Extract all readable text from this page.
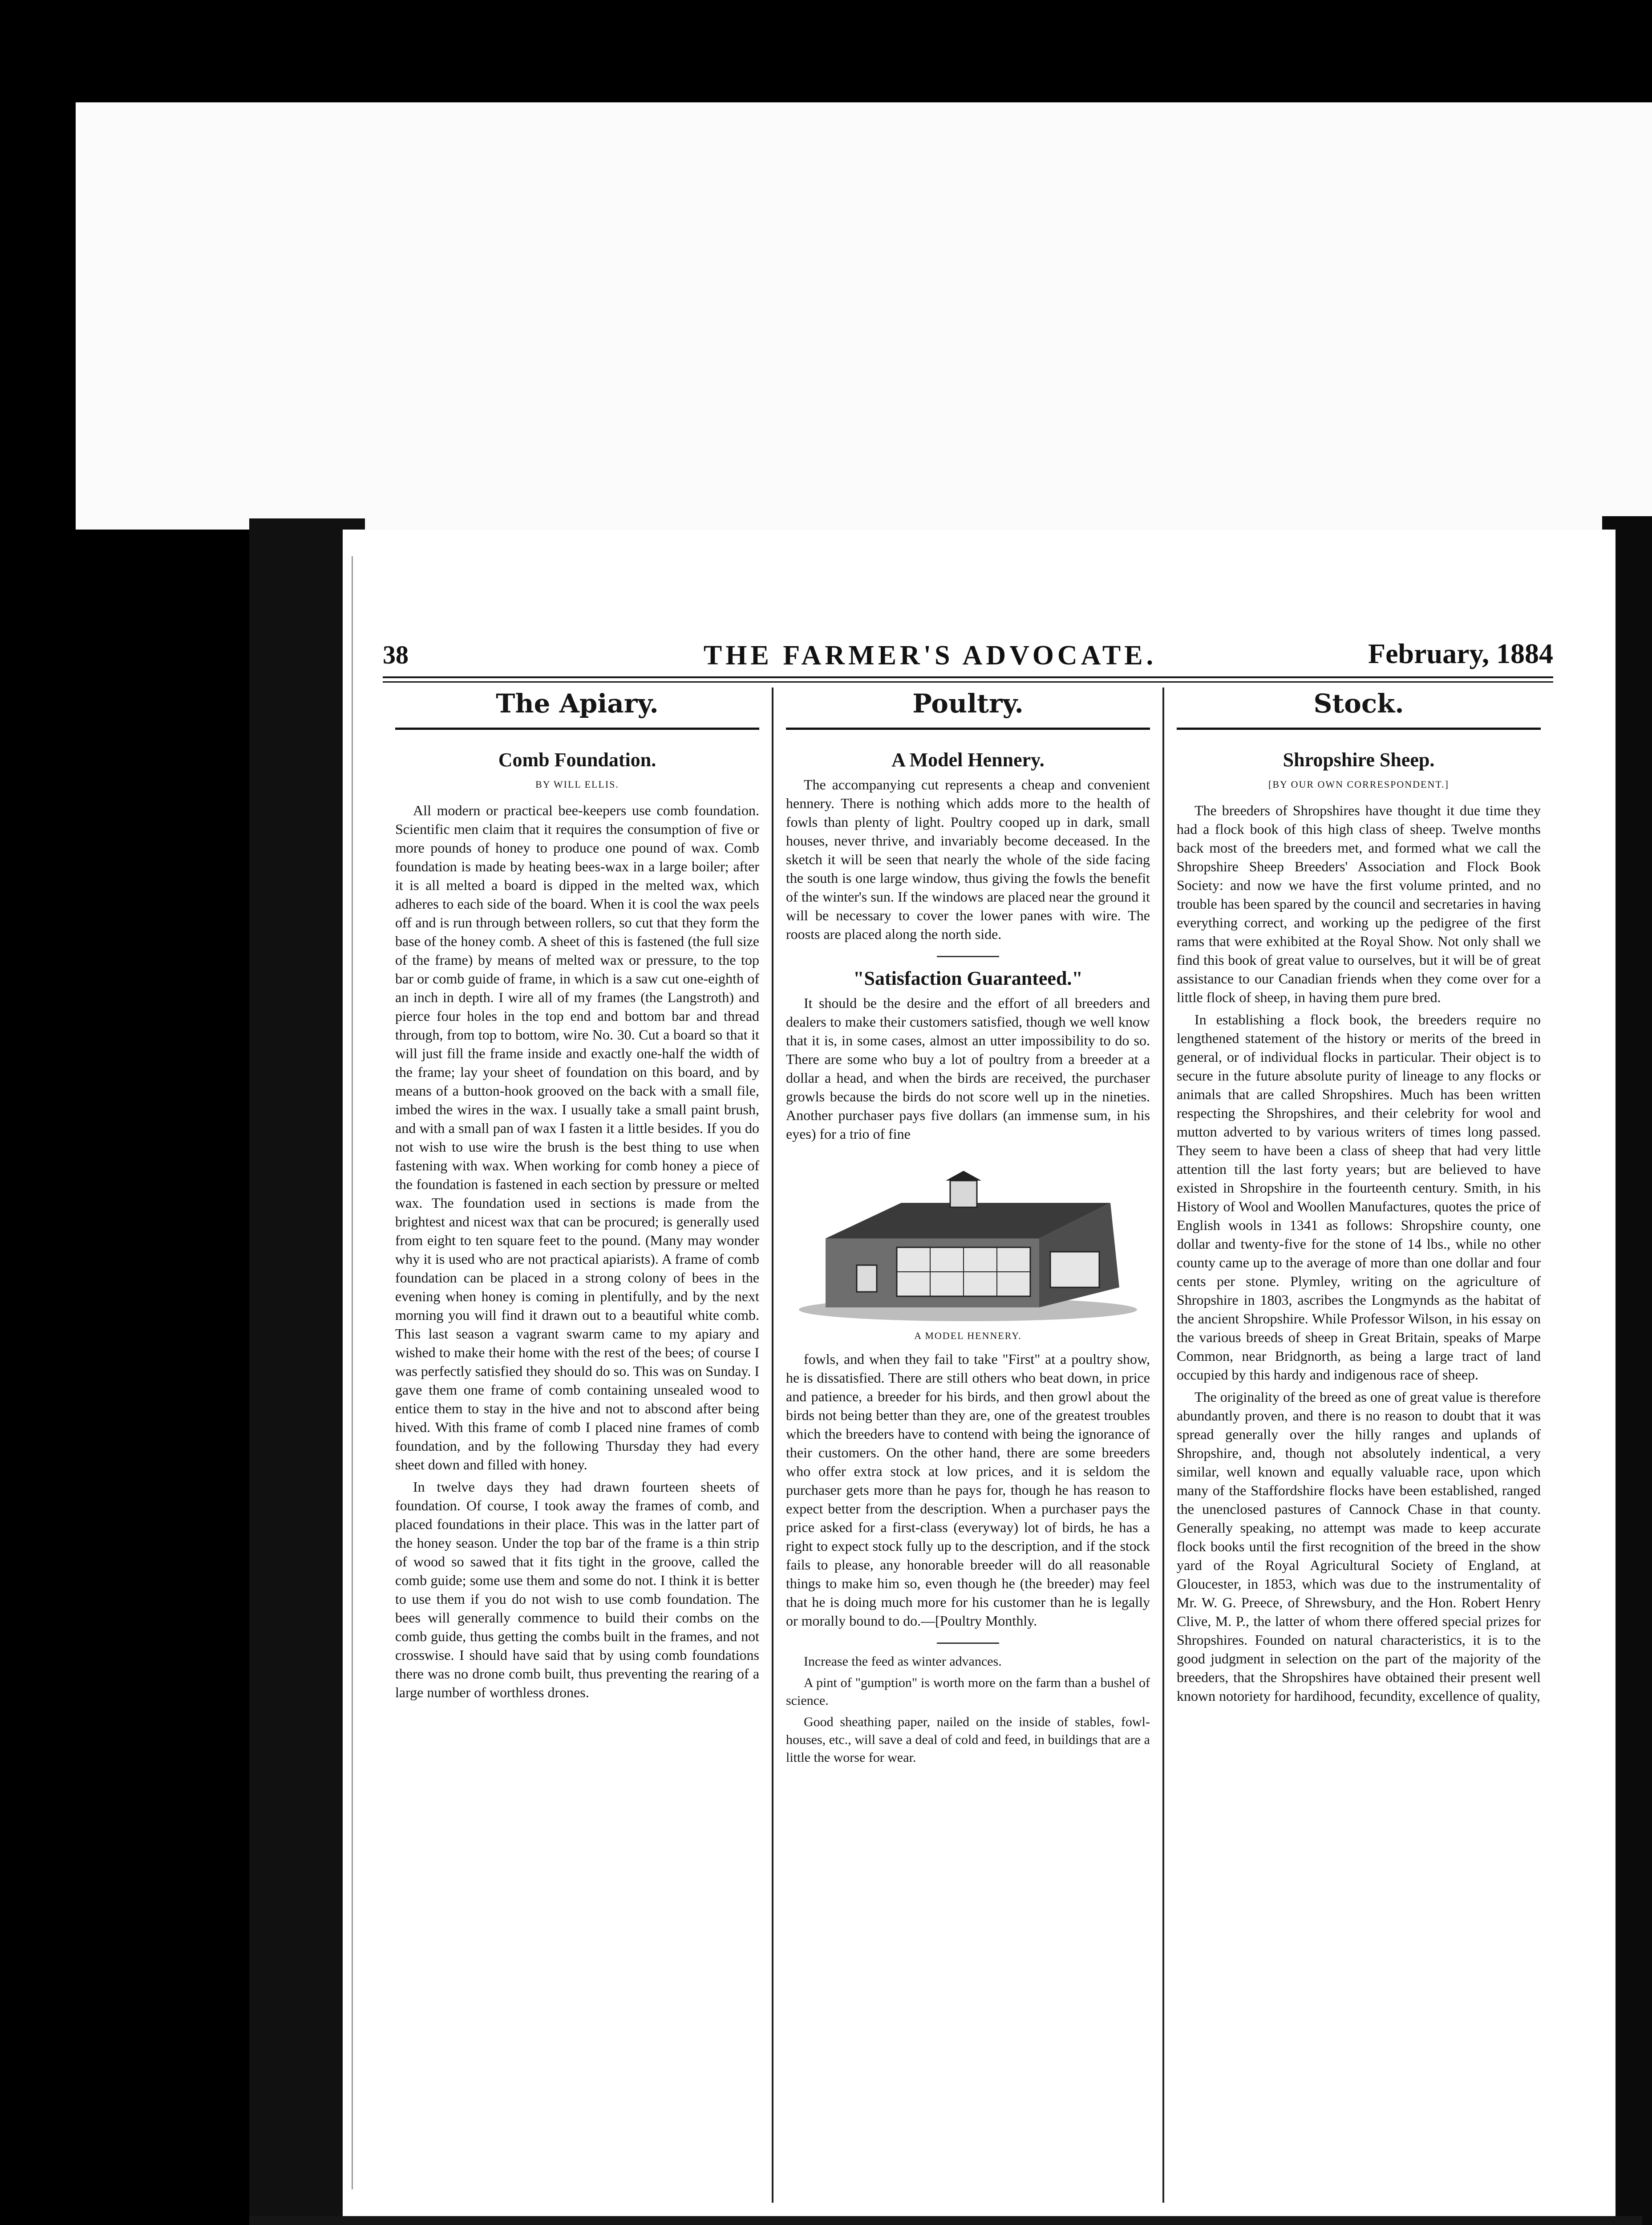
38	THE FARMER'S ADVOCATE.	February, 1884
The Apiary.
Comb Foundation.
BY WILL ELLIS.

All modern or practical bee-keepers use comb foundation. Scientific men claim that it requires the consumption of five or more pounds of honey to produce one pound of wax. Comb foundation is made by heating bees-wax in a large boiler; after it is all melted a board is dipped in the melted wax, which adheres to each side of the board. When it is cool the wax peels off and is run through between rollers, so cut that they form the base of the honey comb. A sheet of this is fastened (the full size of the frame) by means of melted wax or pressure, to the top bar or comb guide of frame, in which is a saw cut one-eighth of an inch in depth. I wire all of my frames (the Langstroth) and pierce four holes in the top end and bottom bar and thread through, from top to bottom, wire No. 30. Cut a board so that it will just fill the frame inside and exactly one-half the width of the frame; lay your sheet of foundation on this board, and by means of a button-hook grooved on the back with a small file, imbed the wires in the wax. I usually take a small paint brush, and with a small pan of wax I fasten it a little besides. If you do not wish to use wire the brush is the best thing to use when fastening with wax. When working for comb honey a piece of the foundation is fastened in each section by pressure or melted wax. The foundation used in sections is made from the brightest and nicest wax that can be procured; is generally used from eight to ten square feet to the pound. (Many may wonder why it is used who are not practical apiarists). A frame of comb foundation can be placed in a strong colony of bees in the evening when honey is coming in plentifully, and by the next morning you will find it drawn out to a beautiful white comb. This last season a vagrant swarm came to my apiary and wished to make their home with the rest of the bees; of course I was perfectly satisfied they should do so. This was on Sunday. I gave them one frame of comb containing unsealed wood to entice them to stay in the hive and not to abscond after being hived. With this frame of comb I placed nine frames of comb foundation, and by the following Thursday they had every sheet down and filled with honey.

In twelve days they had drawn fourteen sheets of foundation. Of course, I took away the frames of comb, and placed foundations in their place. This was in the latter part of the honey season. Under the top bar of the frame is a thin strip of wood so sawed that it fits tight in the groove, called the comb guide; some use them and some do not. I think it is better to use them if you do not wish to use comb foundation. The bees will generally commence to build their combs on the comb guide, thus getting the combs built in the frames, and not crosswise. I should have said that by using comb foundations there was no drone comb built, thus preventing the rearing of a large number of worthless drones.

Poultry.
A Model Hennery.

The accompanying cut represents a cheap and convenient hennery. There is nothing which adds more to the health of fowls than plenty of light. Poultry cooped up in dark, small houses, never thrive, and invariably become deceased. In the sketch it will be seen that nearly the whole of the side facing the south is one large window, thus giving the fowls the benefit of the winter's sun. If the windows are placed near the ground it will be necessary to cover the lower panes with wire. The roosts are placed along the north side.

"Satisfaction Guaranteed."

It should be the desire and the effort of all breeders and dealers to make their customers satisfied, though we well know that it is, in some cases, almost an utter impossibility to do so. There are some who buy a lot of poultry from a breeder at a dollar a head, and when the birds are received, the purchaser growls because the birds do not score well up in the nineties. Another purchaser pays five dollars (an immense sum, in his eyes) for a trio of fine

A MODEL HENNERY.

fowls, and when they fail to take "First" at a poultry show, he is dissatisfied. There are still others who beat down, in price and patience, a breeder for his birds, and then growl about the birds not being better than they are, one of the greatest troubles which the breeders have to contend with being the ignorance of their customers. On the other hand, there are some breeders who offer extra stock at low prices, and it is seldom the purchaser gets more than he pays for, though he has reason to expect better from the description. When a purchaser pays the price asked for a first-class (everyway) lot of birds, he has a right to expect stock fully up to the description, and if the stock fails to please, any honorable breeder will do all reasonable things to make him so, even though he (the breeder) may feel that he is doing much more for his customer than he is legally or morally bound to do.—[Poultry Monthly.

Increase the feed as winter advances.

A pint of "gumption" is worth more on the farm than a bushel of science.

Good sheathing paper, nailed on the inside of stables, fowl-houses, etc., will save a deal of cold and feed, in buildings that are a little the worse for wear.

Stock.
Shropshire Sheep.
[BY OUR OWN CORRESPONDENT.]

The breeders of Shropshires have thought it due time they had a flock book of this high class of sheep. Twelve months back most of the breeders met, and formed what we call the Shropshire Sheep Breeders' Association and Flock Book Society: and now we have the first volume printed, and no trouble has been spared by the council and secretaries in having everything correct, and working up the pedigree of the first rams that were exhibited at the Royal Show. Not only shall we find this book of great value to ourselves, but it will be of great assistance to our Canadian friends when they come over for a little flock of sheep, in having them pure bred.

In establishing a flock book, the breeders require no lengthened statement of the history or merits of the breed in general, or of individual flocks in particular. Their object is to secure in the future absolute purity of lineage to any flocks or animals that are called Shropshires. Much has been written respecting the Shropshires, and their celebrity for wool and mutton adverted to by various writers of times long passed. They seem to have been a class of sheep that had very little attention till the last forty years; but are believed to have existed in Shropshire in the fourteenth century. Smith, in his History of Wool and Woollen Manufactures, quotes the price of English wools in 1341 as follows: Shropshire county, one dollar and twenty-five for the stone of 14 lbs., while no other county came up to the average of more than one dollar and four cents per stone. Plymley, writing on the agriculture of Shropshire in 1803, ascribes the Longmynds as the habitat of the ancient Shropshire. While Professor Wilson, in his essay on the various breeds of sheep in Great Britain, speaks of Marpe Common, near Bridgnorth, as being a large tract of land occupied by this hardy and indigenous race of sheep.

The originality of the breed as one of great value is therefore abundantly proven, and there is no reason to doubt that it was spread generally over the hilly ranges and uplands of Shropshire, and, though not absolutely indentical, a very similar, well known and equally valuable race, upon which many of the Staffordshire flocks have been established, ranged the unenclosed pastures of Cannock Chase in that county. Generally speaking, no attempt was made to keep accurate flock books until the first recognition of the breed in the show yard of the Royal Agricultural Society of England, at Gloucester, in 1853, which was due to the instrumentality of Mr. W. G. Preece, of Shrewsbury, and the Hon. Robert Henry Clive, M. P., the latter of whom there offered special prizes for Shropshires. Founded on natural characteristics, it is to the good judgment in selection on the part of the majority of the breeders, that the Shropshires have obtained their present well known notoriety for hardihood, fecundity, excellence of quality,
